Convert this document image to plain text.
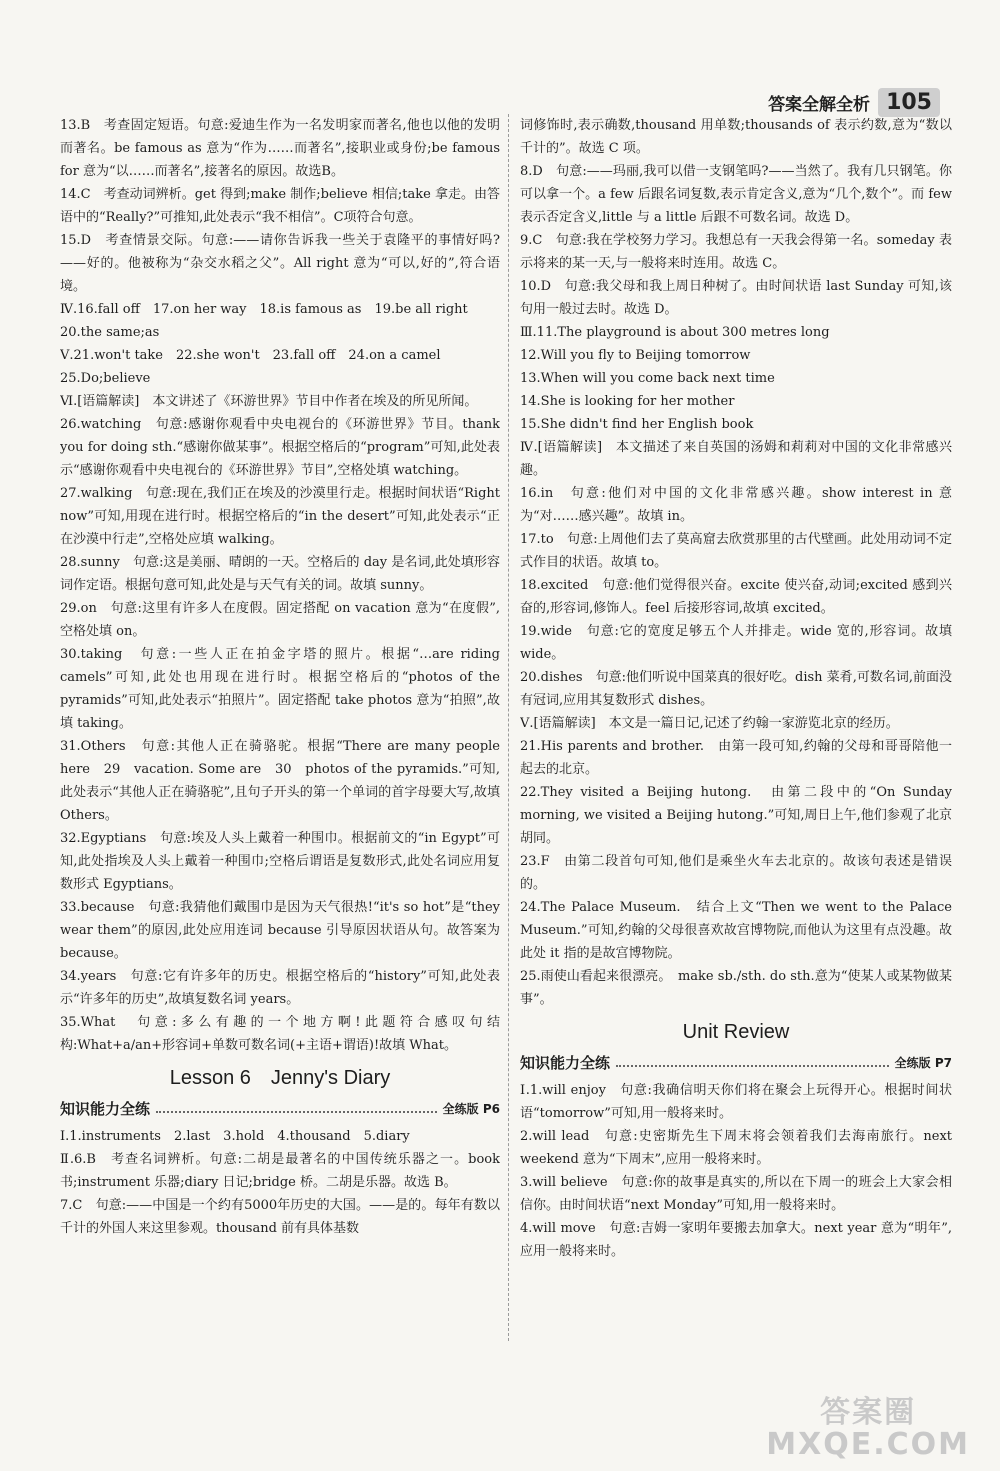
答案全解全析 105

13.B　考查固定短语。句意:爱迪生作为一名发明家而著名,他也以他的发明而著名。be famous as 意为“作为……而著名”,接职业或身份;be famous for 意为“以……而著名”,接著名的原因。故选B。

14.C　考查动词辨析。get 得到;make 制作;believe 相信;take 拿走。由答语中的“Really?”可推知,此处表示“我不相信”。C项符合句意。

15.D　考查情景交际。句意:——请你告诉我一些关于袁隆平的事情好吗?——好的。他被称为“杂交水稻之父”。All right 意为“可以,好的”,符合语境。

Ⅳ.16.fall off　17.on her way　18.is famous as　19.be all right

20.the same;as

Ⅴ.21.won't take　22.she won't　23.fall off　24.on a camel

25.Do;believe

Ⅵ.[语篇解读]　本文讲述了《环游世界》节目中作者在埃及的所见所闻。

26.watching　句意:感谢你观看中央电视台的《环游世界》节目。thank you for doing sth.“感谢你做某事”。根据空格后的“program”可知,此处表示“感谢你观看中央电视台的《环游世界》节目”,空格处填 watching。

27.walking　句意:现在,我们正在埃及的沙漠里行走。根据时间状语“Right now”可知,用现在进行时。根据空格后的“in the desert”可知,此处表示“正在沙漠中行走”,空格处应填 walking。

28.sunny　句意:这是美丽、晴朗的一天。空格后的 day 是名词,此处填形容词作定语。根据句意可知,此处是与天气有关的词。故填 sunny。

29.on　句意:这里有许多人在度假。固定搭配 on vacation 意为“在度假”,空格处填 on。

30.taking　句意:一些人正在拍金字塔的照片。根据“…are riding camels”可知,此处也用现在进行时。根据空格后的“photos of the pyramids”可知,此处表示“拍照片”。固定搭配 take photos 意为“拍照”,故填 taking。

31.Others　句意:其他人正在骑骆驼。根据“There are many people here　29　vacation. Some are　30　photos of the pyramids.”可知,此处表示“其他人正在骑骆驼”,且句子开头的第一个单词的首字母要大写,故填 Others。

32.Egyptians　句意:埃及人头上戴着一种围巾。根据前文的“in Egypt”可知,此处指埃及人头上戴着一种围巾;空格后谓语是复数形式,此处名词应用复数形式 Egyptians。

33.because　句意:我猜他们戴围巾是因为天气很热!“it's so hot”是“they wear them”的原因,此处应用连词 because 引导原因状语从句。故答案为 because。

34.years　句意:它有许多年的历史。根据空格后的“history”可知,此处表示“许多年的历史”,故填复数名词 years。

35.What　句意:多么有趣的一个地方啊!此题符合感叹句结构:What+a/an+形容词+单数可数名词(+主语+谓语)!故填 What。

Lesson 6　Jenny's Diary
知识能力全练	全练版 P6

Ⅰ.1.instruments　2.last　3.hold　4.thousand　5.diary

Ⅱ.6.B　考查名词辨析。句意:二胡是最著名的中国传统乐器之一。book 书;instrument 乐器;diary 日记;bridge 桥。二胡是乐器。故选 B。

7.C　句意:——中国是一个约有5000年历史的大国。——是的。每年有数以千计的外国人来这里参观。thousand 前有具体基数

词修饰时,表示确数,thousand 用单数;thousands of 表示约数,意为“数以千计的”。故选 C 项。

8.D　句意:——玛丽,我可以借一支钢笔吗?——当然了。我有几只钢笔。你可以拿一个。a few 后跟名词复数,表示肯定含义,意为“几个,数个”。而 few 表示否定含义,little 与 a little 后跟不可数名词。故选 D。

9.C　句意:我在学校努力学习。我想总有一天我会得第一名。someday 表示将来的某一天,与一般将来时连用。故选 C。

10.D　句意:我父母和我上周日种树了。由时间状语 last Sunday 可知,该句用一般过去时。故选 D。

Ⅲ.11.The playground is about 300 metres long

12.Will you fly to Beijing tomorrow

13.When will you come back next time

14.She is looking for her mother

15.She didn't find her English book

Ⅳ.[语篇解读]　本文描述了来自英国的汤姆和莉莉对中国的文化非常感兴趣。

16.in　句意:他们对中国的文化非常感兴趣。show interest in 意为“对……感兴趣”。故填 in。

17.to　句意:上周他们去了莫高窟去欣赏那里的古代壁画。此处用动词不定式作目的状语。故填 to。

18.excited　句意:他们觉得很兴奋。excite 使兴奋,动词;excited 感到兴奋的,形容词,修饰人。feel 后接形容词,故填 excited。

19.wide　句意:它的宽度足够五个人并排走。wide 宽的,形容词。故填 wide。

20.dishes　句意:他们听说中国菜真的很好吃。dish 菜肴,可数名词,前面没有冠词,应用其复数形式 dishes。

Ⅴ.[语篇解读]　本文是一篇日记,记述了约翰一家游览北京的经历。

21.His parents and brother.　由第一段可知,约翰的父母和哥哥陪他一起去的北京。

22.They visited a Beijing hutong.　由第二段中的“On Sunday morning, we visited a Beijing hutong.”可知,周日上午,他们参观了北京胡同。

23.F　由第二段首句可知,他们是乘坐火车去北京的。故该句表述是错误的。

24.The Palace Museum.　结合上文“Then we went to the Palace Museum.”可知,约翰的父母很喜欢故宫博物院,而他认为这里有点没趣。故此处 it 指的是故宫博物院。

25.雨使山看起来很漂亮。　make sb./sth. do sth.意为“使某人或某物做某事”。

Unit Review
知识能力全练	全练版 P7

Ⅰ.1.will enjoy　句意:我确信明天你们将在聚会上玩得开心。根据时间状语“tomorrow”可知,用一般将来时。

2.will lead　句意:史密斯先生下周末将会领着我们去海南旅行。next weekend 意为“下周末”,应用一般将来时。

3.will believe　句意:你的故事是真实的,所以在下周一的班会上大家会相信你。由时间状语“next Monday”可知,用一般将来时。

4.will move　句意:吉姆一家明年要搬去加拿大。next year 意为“明年”,应用一般将来时。

答案圈
MXQE.COM
